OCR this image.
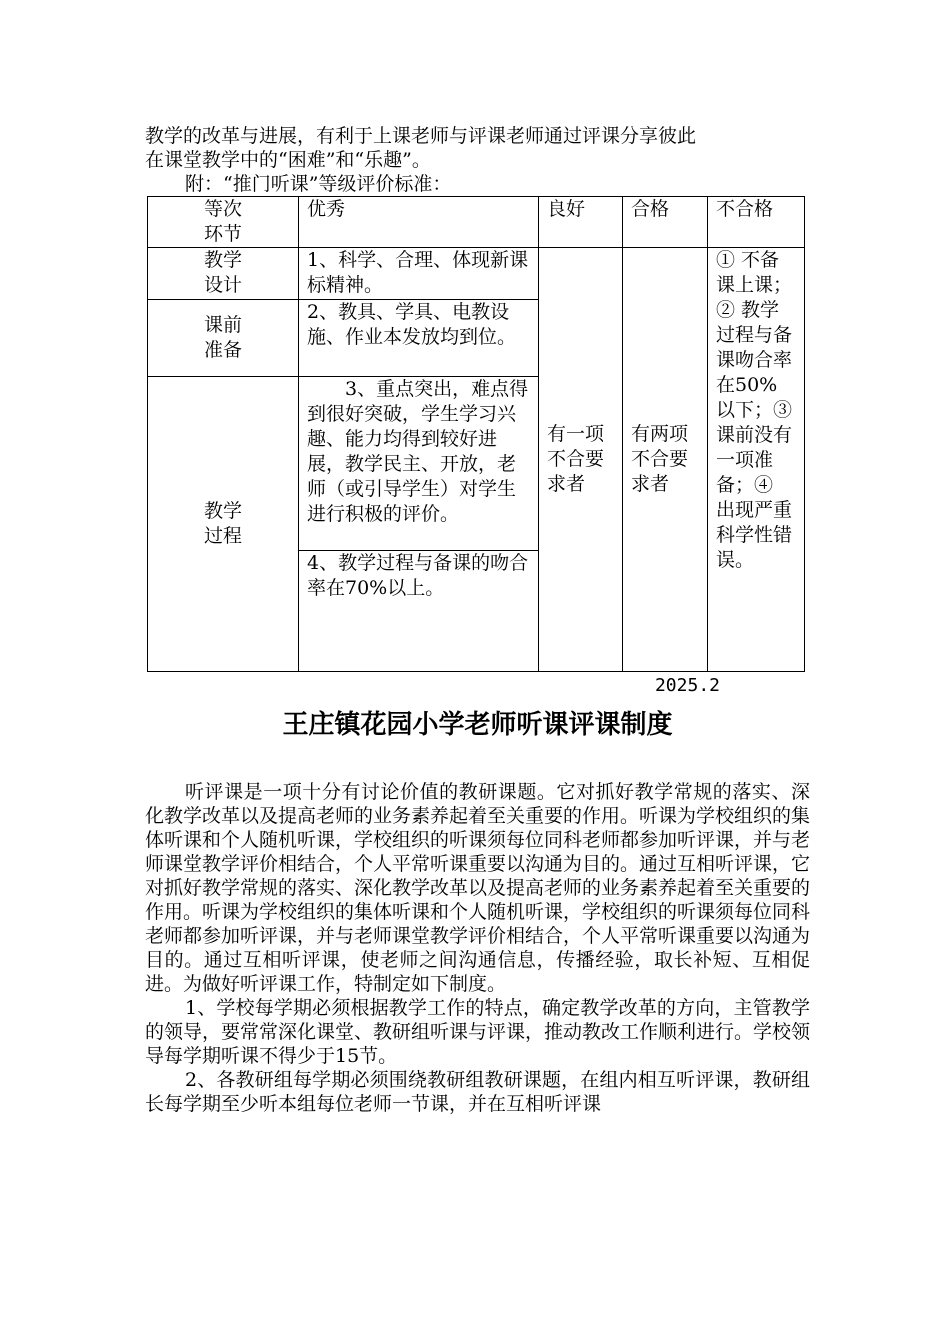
教学的改革与进展，有利于上课老师与评课老师通过评课分享彼此

在课堂教学中的“困难”和“乐趣”。

附：“推门听课”等级评价标准：

等次
环节	优秀	良好	合格	不合格

教学
设计	1、科学、合理、体现新课标精神。	有一项不合要求者	有两项不合要求者	① 不备课上课；② 教学过程与备课吻合率在50%以下；③ 课前没有一项准备；④ 出现严重科学性错误。

课前
准备	2、教具、学具、电教设施、作业本发放均到位。			

教学
过程	3、重点突出，难点得到很好突破，学生学习兴趣、能力均得到较好进展，教学民主、开放，老师（或引导学生）对学生进行积极的评价。			
	4、教学过程与备课的吻合率在70%以上。			
2025.2
王庄镇花园小学老师听课评课制度

听评课是一项十分有讨论价值的教研课题。它对抓好教学常规的落实、深化教学改革以及提高老师的业务素养起着至关重要的作用。听课为学校组织的集体听课和个人随机听课，学校组织的听课须每位同科老师都参加听评课，并与老师课堂教学评价相结合，个人平常听课重要以沟通为目的。通过互相听评课，它对抓好教学常规的落实、深化教学改革以及提高老师的业务素养起着至关重要的作用。听课为学校组织的集体听课和个人随机听课，学校组织的听课须每位同科老师都参加听评课，并与老师课堂教学评价相结合，个人平常听课重要以沟通为目的。通过互相听评课，使老师之间沟通信息，传播经验，取长补短、互相促进。为做好听评课工作，特制定如下制度。

1、学校每学期必须根据教学工作的特点，确定教学改革的方向，主管教学的领导，要常常深化课堂、教研组听课与评课，推动教改工作顺利进行。学校领导每学期听课不得少于15节。

2、各教研组每学期必须围绕教研组教研课题，在组内相互听评课，教研组长每学期至少听本组每位老师一节课，并在互相听评课
